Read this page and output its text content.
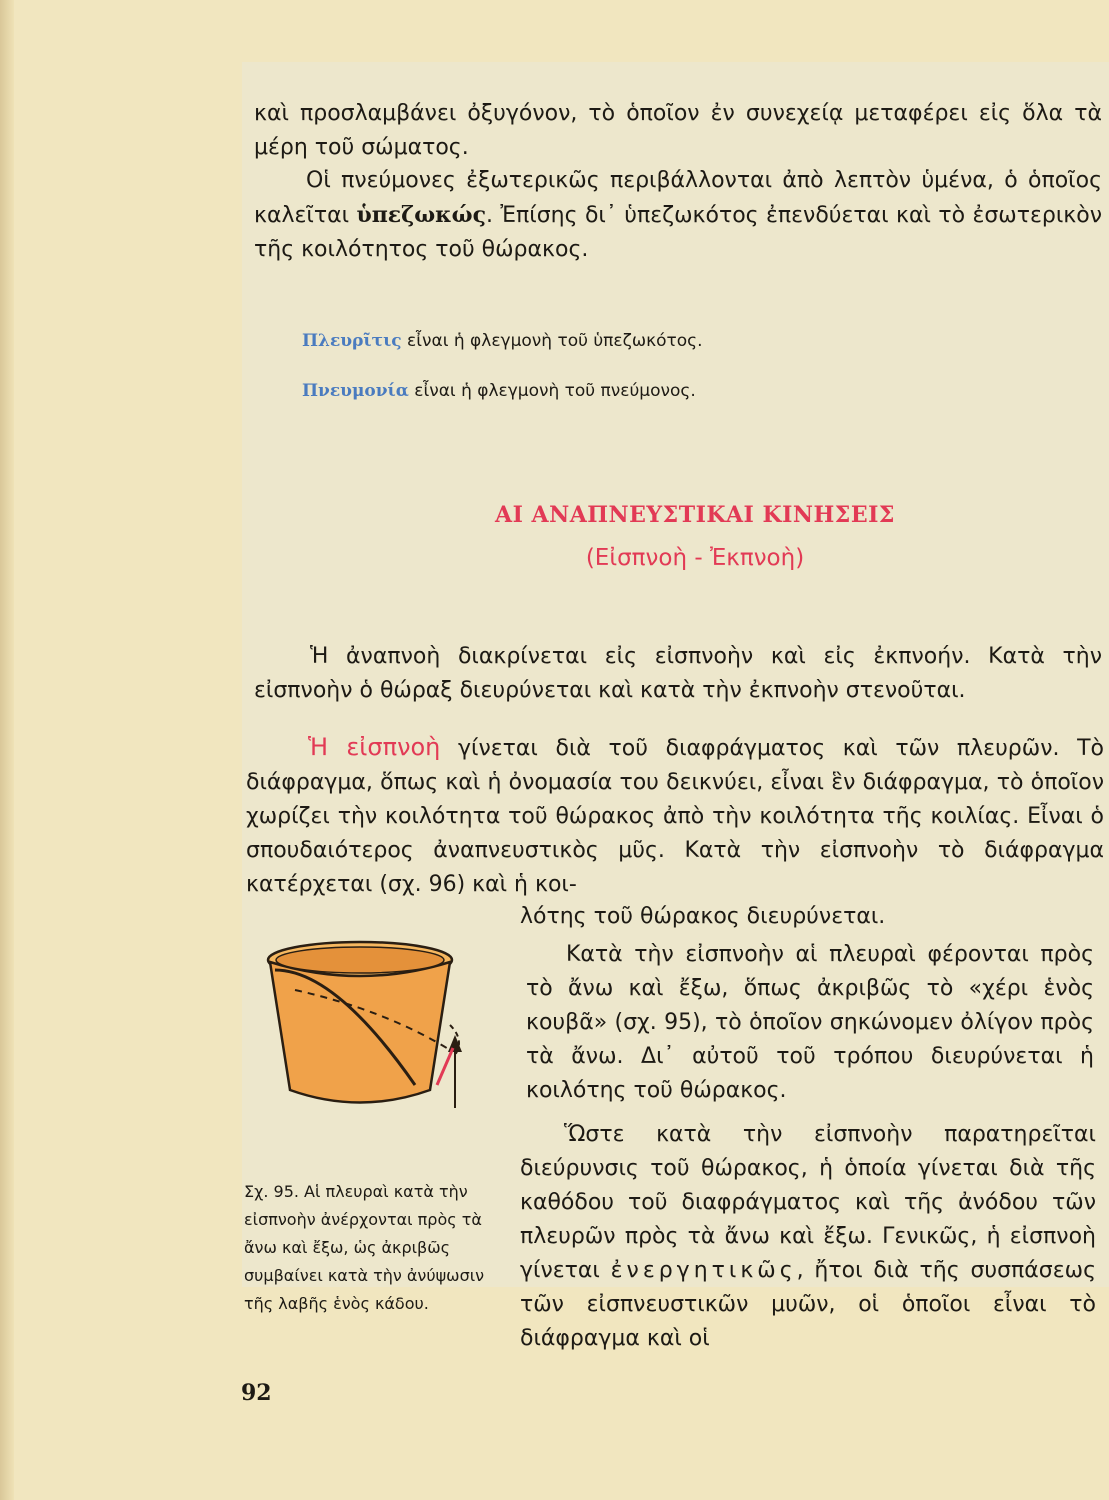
καὶ προσλαμβάνει ὀξυγόνον, τὸ ὁποῖον ἐν συνεχείᾳ μεταφέρει εἰς ὅλα τὰ μέρη τοῦ σώματος.

Οἱ πνεύμονες ἐξωτερικῶς περιβάλλονται ἀπὸ λεπτὸν ὑμένα, ὁ ὁποῖος καλεῖται ὑπεζωκώς. Ἐπίσης δι᾿ ὑπεζωκότος ἐπενδύεται καὶ τὸ ἐσωτερικὸν τῆς κοιλότητος τοῦ θώρακος.

Πλευρῖτις εἶναι ἡ φλεγμονὴ τοῦ ὑπεζωκότος.

Πνευμονία εἶναι ἡ φλεγμονὴ τοῦ πνεύμονος.

ΑΙ ΑΝΑΠΝΕΥΣΤΙΚΑΙ ΚΙΝΗΣΕΙΣ

(Εἰσπνοὴ - Ἐκπνοὴ)

Ἡ ἀναπνοὴ διακρίνεται εἰς εἰσπνοὴν καὶ εἰς ἐκπνοήν. Κατὰ τὴν εἰσπνοὴν ὁ θώραξ διευρύνεται καὶ κατὰ τὴν ἐκπνοὴν στενοῦται.

Ἡ εἰσπνοὴ γίνεται διὰ τοῦ διαφράγματος καὶ τῶν πλευρῶν. Τὸ διάφραγμα, ὅπως καὶ ἡ ὀνομασία του δεικνύει, εἶναι ἓν διάφραγμα, τὸ ὁποῖον χωρίζει τὴν κοιλότητα τοῦ θώρακος ἀπὸ τὴν κοιλότητα τῆς κοιλίας. Εἶναι ὁ σπουδαιότερος ἀναπνευστικὸς μῦς. Κατὰ τὴν εἰσπνοὴν τὸ διάφραγμα κατέρχεται (σχ. 96) καὶ ἡ κοι-

λότης τοῦ θώρακος διευρύνεται.

Κατὰ τὴν εἰσπνοὴν αἱ πλευραὶ φέρονται πρὸς τὸ ἄνω καὶ ἔξω, ὅπως ἀκριβῶς τὸ «χέρι ἑνὸς κουβᾶ» (σχ. 95), τὸ ὁποῖον σηκώνομεν ὀλίγον πρὸς τὰ ἄνω. Δι᾿ αὐτοῦ τοῦ τρόπου διευρύνεται ἡ κοιλότης τοῦ θώρακος.

Ὥστε κατὰ τὴν εἰσπνοὴν παρατηρεῖται διεύρυνσις τοῦ θώρακος, ἡ ὁποία γίνεται διὰ τῆς καθόδου τοῦ διαφράγματος καὶ τῆς ἀνόδου τῶν πλευρῶν πρὸς τὰ ἄνω καὶ ἔξω. Γενικῶς, ἡ εἰσπνοὴ γίνεται ἐνεργητικῶς, ἤτοι διὰ τῆς συσπάσεως τῶν εἰσπνευστικῶν μυῶν, οἱ ὁποῖοι εἶναι τὸ διάφραγμα καὶ οἱ

Σχ. 95. Αἱ πλευραὶ κατὰ τὴν εἰσπνοὴν ἀνέρχονται πρὸς τὰ ἄνω καὶ ἔξω, ὡς ἀκριβῶς συμβαίνει κατὰ τὴν ἀνύψωσιν τῆς λαβῆς ἑνὸς κάδου.

92
